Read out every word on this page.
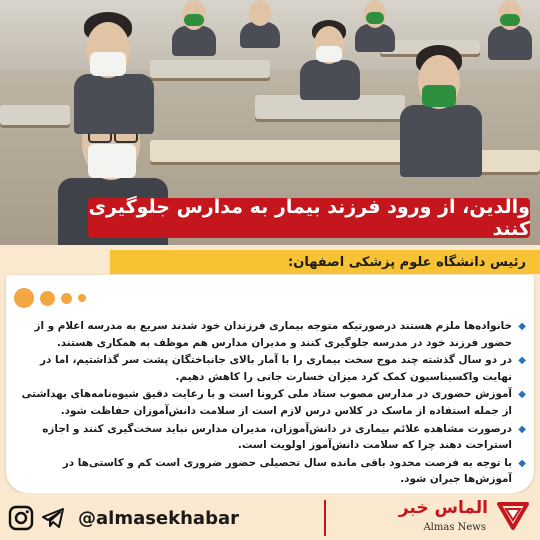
والدین، از ورود فرزند بیمار به مدارس جلوگیری کنند
رئیس دانشگاه علوم پزشکی اصفهان:
◆
خانواده‌ها ملزم هستند درصورتیکه متوجه بیماری فرزندان خود شدند سریع به مدرسه اعلام و از حضور فرزند خود در مدرسه جلوگیری کنند و مدیران مدارس هم موظف به همکاری هستند.
◆
در دو سال گذشته چند موج سخت بیماری را با آمار بالای جانباختگان پشت سر گذاشتیم، اما در نهایت واکسیناسیون کمک کرد میزان خسارت جانی را کاهش دهیم.
◆
آموزش حضوری در مدارس مصوب ستاد ملی کرونا است و با رعایت دقیق شیوه‌نامه‌های بهداشتی از جمله استفاده از ماسک در کلاس درس لازم است از سلامت دانش‌آموزان حفاظت شود.
◆
درصورت مشاهده علائم بیماری در دانش‌آموزان، مدیران مدارس نباید سخت‌گیری کنند و اجازه استراحت دهند چرا که سلامت دانش‌آموز اولویت است.
◆
با توجه به فرصت محدود باقی مانده سال تحصیلی حضور ضروری است کم و کاستی‌ها در آموزش‌ها جبران شود.
الماس خبر
Almas News
@almasekhabar
